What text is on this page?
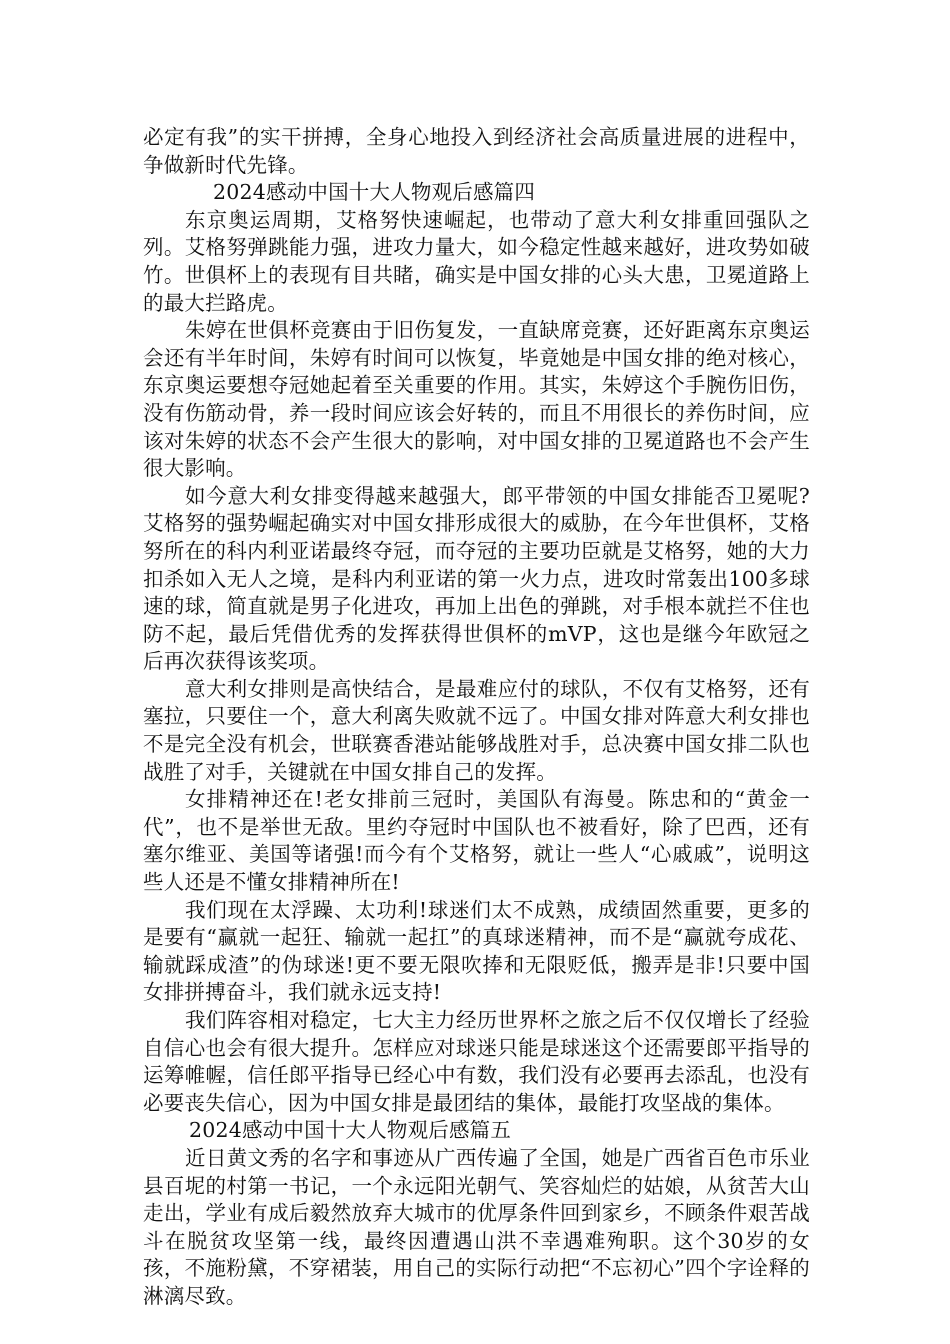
必定有我”的实干拼搏，全身心地投入到经济社会高质量进展的进程中，争做新时代先锋。

2024感动中国十大人物观后感篇四

东京奥运周期，艾格努快速崛起，也带动了意大利女排重回强队之列。艾格努弹跳能力强，进攻力量大，如今稳定性越来越好，进攻势如破竹。世俱杯上的表现有目共睹，确实是中国女排的心头大患，卫冕道路上的最大拦路虎。

朱婷在世俱杯竞赛由于旧伤复发，一直缺席竞赛，还好距离东京奥运会还有半年时间，朱婷有时间可以恢复，毕竟她是中国女排的绝对核心，东京奥运要想夺冠她起着至关重要的作用。其实，朱婷这个手腕伤旧伤，没有伤筋动骨，养一段时间应该会好转的，而且不用很长的养伤时间，应该对朱婷的状态不会产生很大的影响，对中国女排的卫冕道路也不会产生很大影响。

如今意大利女排变得越来越强大，郎平带领的中国女排能否卫冕呢?艾格努的强势崛起确实对中国女排形成很大的威胁，在今年世俱杯，艾格努所在的科内利亚诺最终夺冠，而夺冠的主要功臣就是艾格努，她的大力扣杀如入无人之境，是科内利亚诺的第一火力点，进攻时常轰出100多球速的球，简直就是男子化进攻，再加上出色的弹跳，对手根本就拦不住也防不起，最后凭借优秀的发挥获得世俱杯的mVP，这也是继今年欧冠之后再次获得该奖项。

意大利女排则是高快结合，是最难应付的球队，不仅有艾格努，还有塞拉，只要住一个，意大利离失败就不远了。中国女排对阵意大利女排也不是完全没有机会，世联赛香港站能够战胜对手，总决赛中国女排二队也战胜了对手，关键就在中国女排自己的发挥。

女排精神还在!老女排前三冠时，美国队有海曼。陈忠和的“黄金一代”，也不是举世无敌。里约夺冠时中国队也不被看好，除了巴西，还有塞尔维亚、美国等诸强!而今有个艾格努，就让一些人“心戚戚”，说明这些人还是不懂女排精神所在!

我们现在太浮躁、太功利!球迷们太不成熟，成绩固然重要，更多的是要有“赢就一起狂、输就一起扛”的真球迷精神，而不是“赢就夸成花、输就踩成渣”的伪球迷!更不要无限吹捧和无限贬低，搬弄是非!只要中国女排拼搏奋斗，我们就永远支持!

我们阵容相对稳定，七大主力经历世界杯之旅之后不仅仅增长了经验自信心也会有很大提升。怎样应对球迷只能是球迷这个还需要郎平指导的运筹帷幄，信任郎平指导已经心中有数，我们没有必要再去添乱，也没有必要丧失信心，因为中国女排是最团结的集体，最能打攻坚战的集体。

2024感动中国十大人物观后感篇五

近日黄文秀的名字和事迹从广西传遍了全国，她是广西省百色市乐业县百坭的村第一书记，一个永远阳光朝气、笑容灿烂的姑娘，从贫苦大山走出，学业有成后毅然放弃大城市的优厚条件回到家乡，不顾条件艰苦战斗在脱贫攻坚第一线，最终因遭遇山洪不幸遇难殉职。这个30岁的女孩，不施粉黛，不穿裙装，用自己的实际行动把“不忘初心”四个字诠释的淋漓尽致。
